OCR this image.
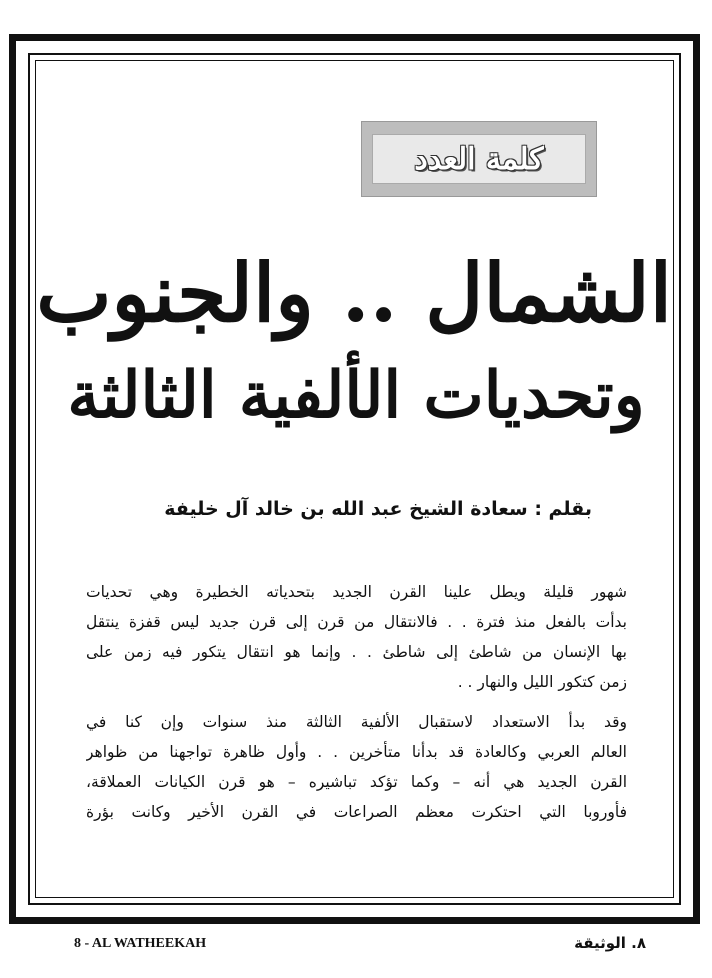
كلمة العدد
الشمال .. والجنوب
وتحديات الألفية الثالثة
بقلم : سعادة الشيخ عبد الله بن خالد آل خليفة
شهور قليلة ويطل علينا القرن الجديد بتحدياته الخطيرة وهي تحديات
بدأت بالفعل منذ فترة . . فالانتقال من قرن إلى قرن جديد ليس قفزة ينتقل
بها الإنسان من شاطئ إلى شاطئ . . وإنما هو انتقال يتكور فيه زمن على
زمن كتكور الليل والنهار . .
وقد بدأ الاستعداد لاستقبال الألفية الثالثة منذ سنوات وإن كنا في
العالم العربي وكالعادة قد بدأنا متأخرين . . وأول ظاهرة تواجهنا من ظواهر
القرن الجديد هي أنه – وكما تؤكد تباشيره – هو قرن الكيانات العملاقة،
فأوروبا التي احتكرت معظم الصراعات في القرن الأخير وكانت بؤرة
8 - AL WATHEEKAH	٨. الوثيقة
